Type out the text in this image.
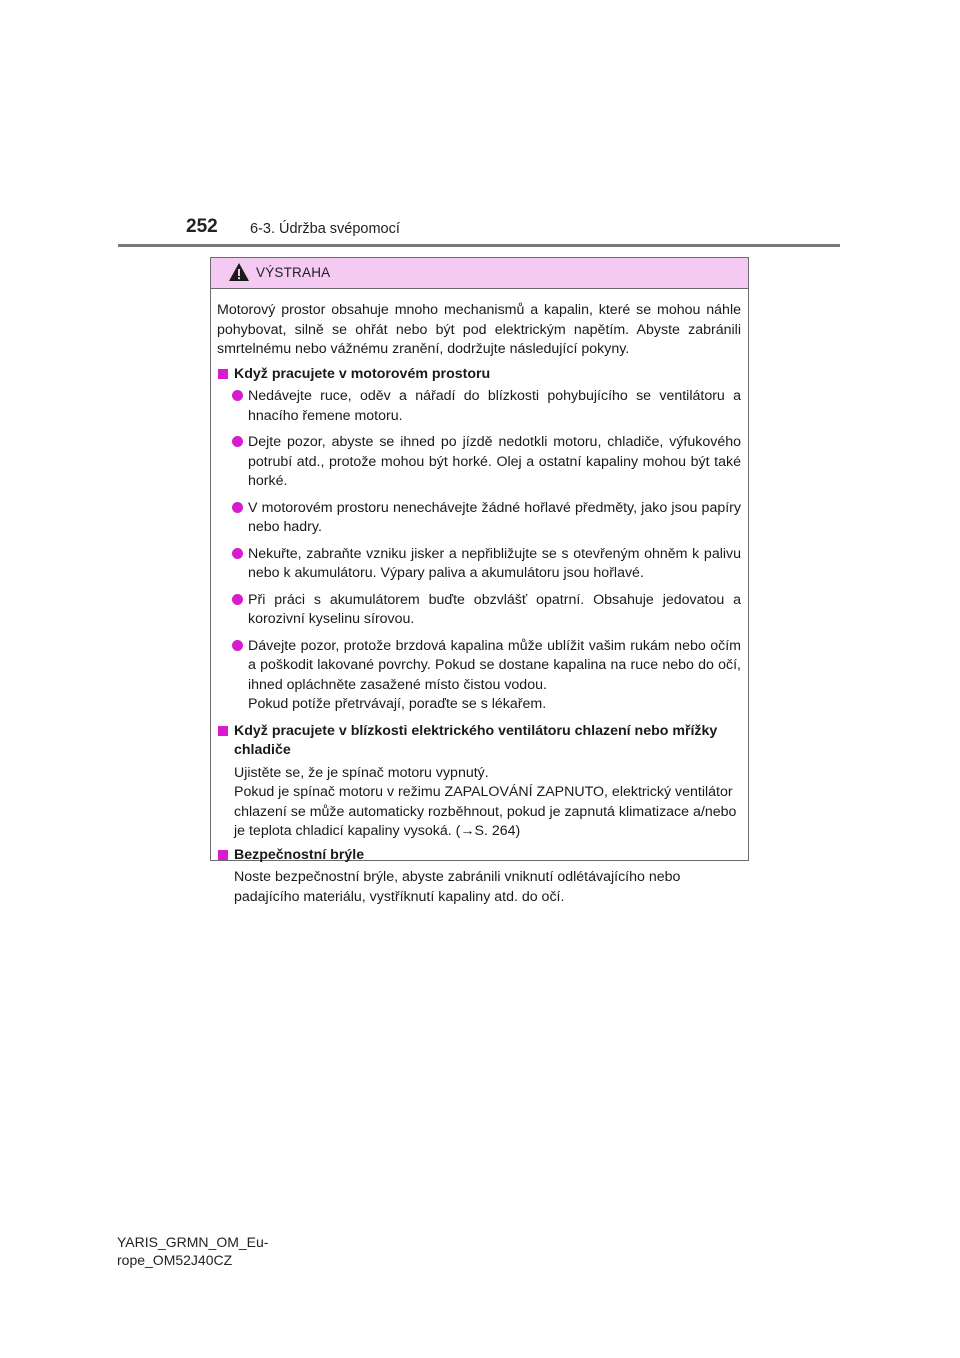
252 6-3. Údržba svépomocí
VÝSTRAHA

Motorový prostor obsahuje mnoho mechanismů a kapalin, které se mohou náhle pohybovat, silně se ohřát nebo být pod elektrickým napětím. Abyste zabránili smrtelnému nebo vážnému zranění, dodržujte následující pokyny.

Když pracujete v motorovém prostoru
Nedávejte ruce, oděv a nářadí do blízkosti pohybujícího se ventilátoru a hnacího řemene motoru.
Dejte pozor, abyste se ihned po jízdě nedotkli motoru, chladiče, výfukového potrubí atd., protože mohou být horké. Olej a ostatní kapaliny mohou být také horké.
V motorovém prostoru nenechávejte žádné hořlavé předměty, jako jsou papíry nebo hadry.
Nekuřte, zabraňte vzniku jisker a nepřibližujte se s otevřeným ohněm k palivu nebo k akumulátoru. Výpary paliva a akumulátoru jsou hořlavé.
Při práci s akumulátorem buďte obzvlášť opatrní. Obsahuje jedovatou a korozivní kyselinu sírovou.
Dávejte pozor, protože brzdová kapalina může ublížit vašim rukám nebo očím a poškodit lakované povrchy. Pokud se dostane kapalina na ruce nebo do očí, ihned opláchněte zasažené místo čistou vodou.
Pokud potíže přetrvávají, poraďte se s lékařem.
Když pracujete v blízkosti elektrického ventilátoru chlazení nebo mřížky chladiče
Ujistěte se, že je spínač motoru vypnutý.
Pokud je spínač motoru v režimu ZAPALOVÁNÍ ZAPNUTO, elektrický ventilátor chlazení se může automaticky rozběhnout, pokud je zapnutá klimatizace a/nebo je teplota chladicí kapaliny vysoká. (→S. 264)
Bezpečnostní brýle
Noste bezpečnostní brýle, abyste zabránili vniknutí odlétávajícího nebo padajícího materiálu, vystříknutí kapaliny atd. do očí.
YARIS_GRMN_OM_Eu-
rope_OM52J40CZ
